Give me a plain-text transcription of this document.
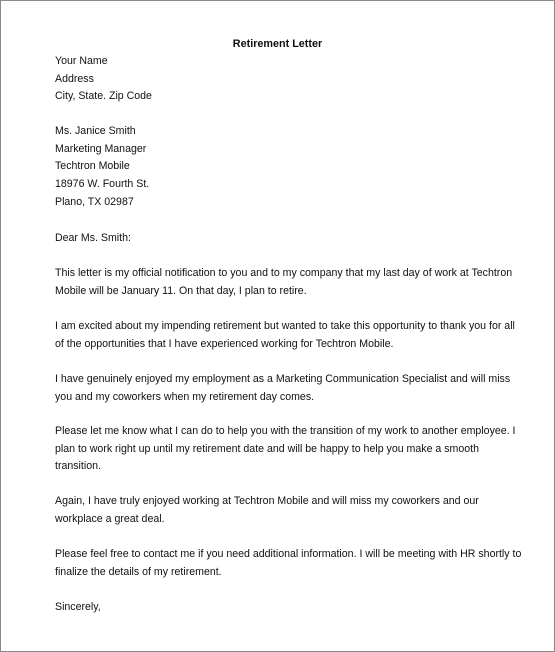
Retirement Letter
Your Name
Address
City, State. Zip Code
Ms. Janice Smith
Marketing Manager
Techtron Mobile
18976 W. Fourth St.
Plano, TX 02987
Dear Ms. Smith:
This letter is my official notification to you and to my company that my last day of work at Techtron
Mobile will be January 11. On that day, I plan to retire.
I am excited about my impending retirement but wanted to take this opportunity to thank you for all
of the opportunities that I have experienced working for Techtron Mobile.
I have genuinely enjoyed my employment as a Marketing Communication Specialist and will miss
you and my coworkers when my retirement day comes.
Please let me know what I can do to help you with the transition of my work to another employee. I
plan to work right up until my retirement date and will be happy to help you make a smooth
transition.
Again, I have truly enjoyed working at Techtron Mobile and will miss my coworkers and our
workplace a great deal.
Please feel free to contact me if you need additional information. I will be meeting with HR shortly to
finalize the details of my retirement.
Sincerely,
